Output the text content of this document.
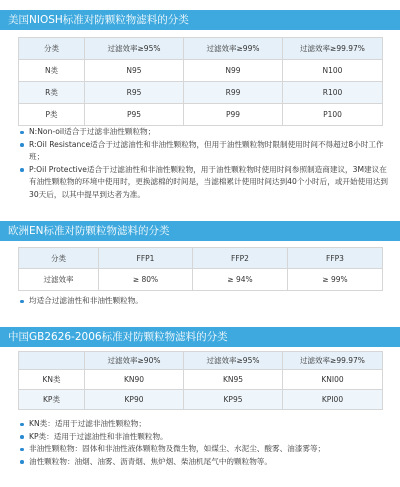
美国NIOSH标准对防颗粒物滤料的分类
分类	过滤效率≥95%	过滤效率≥99%	过滤效率≥99.97%
N类	N95	N99	N100
R类	R95	R99	R100
P类	P95	P99	P100
N:Non-oil适合于过滤非油性颗粒物；
R:Oil Resistance适合于过滤油性和非油性颗粒物，但用于油性颗粒物时限制使用时间不得超过8小时工作班；
P:Oil Protective适合于过滤油性和非油性颗粒物，用于油性颗粒物时使用时间参照制造商建议，3M建议在有油性颗粒物的环境中使用时，更换滤棉的时间是，当滤棉累计使用时间达到40个小时后，或开始使用达到30天后，以其中提早到达者为准。
欧洲EN标准对防颗粒物滤料的分类
分类	FFP1	FFP2	FFP3
过滤效率	≥ 80%	≥ 94%	≥ 99%
均适合过滤油性和非油性颗粒物。
中国GB2626-2006标准对防颗粒物滤料的分类
	过滤效率≥90%	过滤效率≥95%	过滤效率≥99.97%
KN类	KN90	KN95	KNI00
KP类	KP90	KP95	KPI00
KN类：适用于过滤非油性颗粒物；
KP类：适用于过滤油性和非油性颗粒物。
非油性颗粒物：固体和非油性液体颗粒物及微生物，如煤尘、水泥尘、酸雾、油漆雾等；
油性颗粒物：油烟、油雾、沥青烟、焦炉烟、柴油机尾气中的颗粒物等。
